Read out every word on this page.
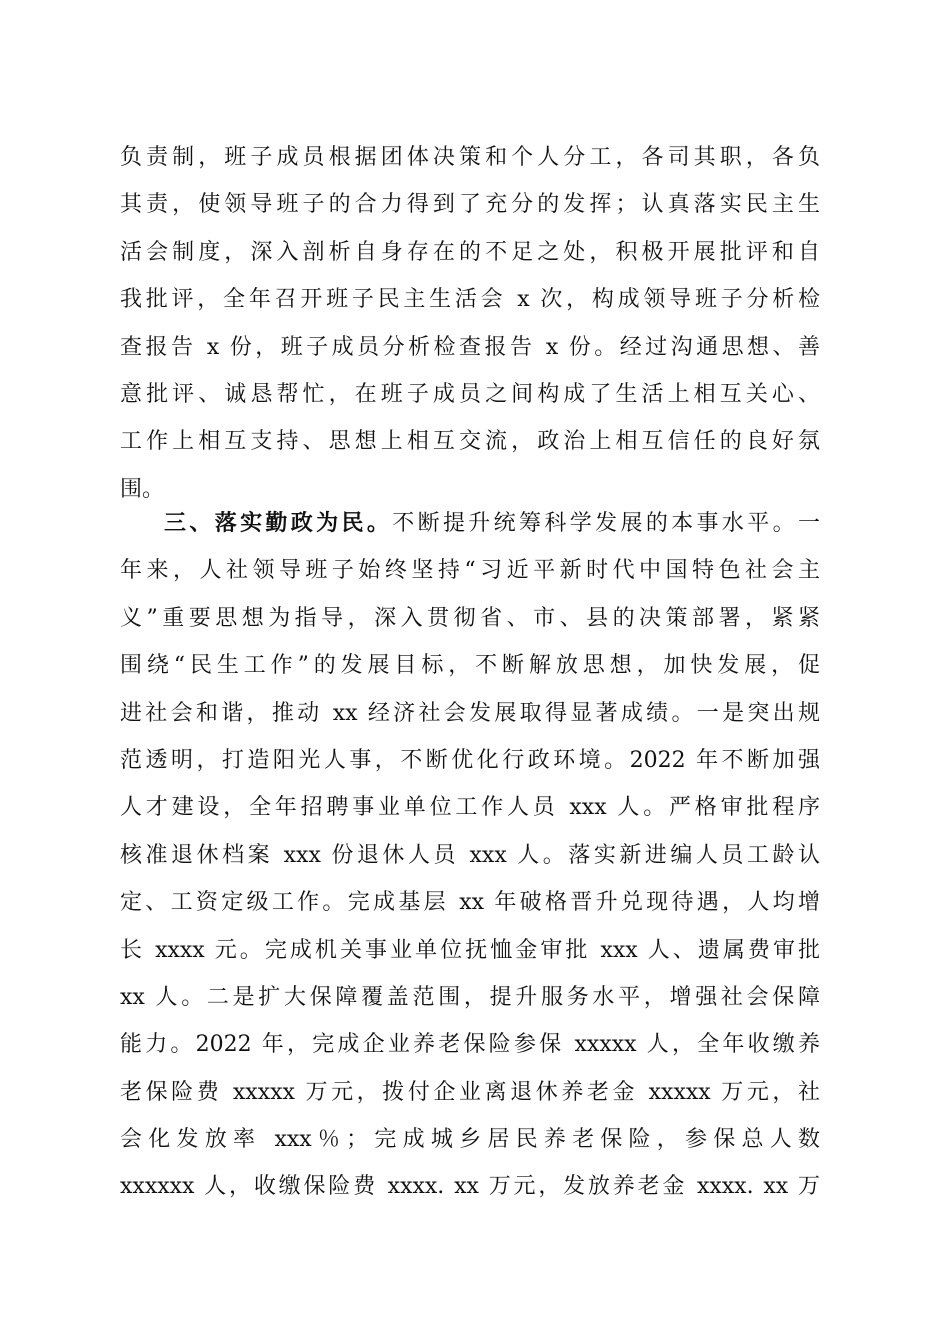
负责制，班子成员根据团体决策和个人分工，各司其职，各负
其责，使领导班子的合力得到了充分的发挥；认真落实民主生
活会制度，深入剖析自身存在的不足之处，积极开展批评和自
我批评，全年召开班子民主生活会 x 次，构成领导班子分析检
查报告 x 份，班子成员分析检查报告 x 份。经过沟通思想、善
意批评、诚恳帮忙，在班子成员之间构成了生活上相互关心、
工作上相互支持、思想上相互交流，政治上相互信任的良好氛
围。
三、落实勤政为民。不断提升统筹科学发展的本事水平。一
年来，人社领导班子始终坚持“习近平新时代中国特色社会主
义”重要思想为指导，深入贯彻省、市、县的决策部署，紧紧
围绕“民生工作”的发展目标，不断解放思想，加快发展，促
进社会和谐，推动 xx 经济社会发展取得显著成绩。一是突出规
范透明，打造阳光人事，不断优化行政环境。2022 年不断加强
人才建设，全年招聘事业单位工作人员 xxx 人。严格审批程序
核准退休档案 xxx 份退休人员 xxx 人。落实新进编人员工龄认
定、工资定级工作。完成基层 xx 年破格晋升兑现待遇，人均增
长 xxxx 元。完成机关事业单位抚恤金审批 xxx 人、遗属费审批
xx 人。二是扩大保障覆盖范围，提升服务水平，增强社会保障
能力。2022 年，完成企业养老保险参保 xxxxx 人，全年收缴养
老保险费 xxxxx 万元，拨付企业离退休养老金 xxxxx 万元，社
会化发放率 xxx％；完成城乡居民养老保险，参保总人数
xxxxxx 人，收缴保险费 xxxx. xx 万元，发放养老金 xxxx. xx 万
